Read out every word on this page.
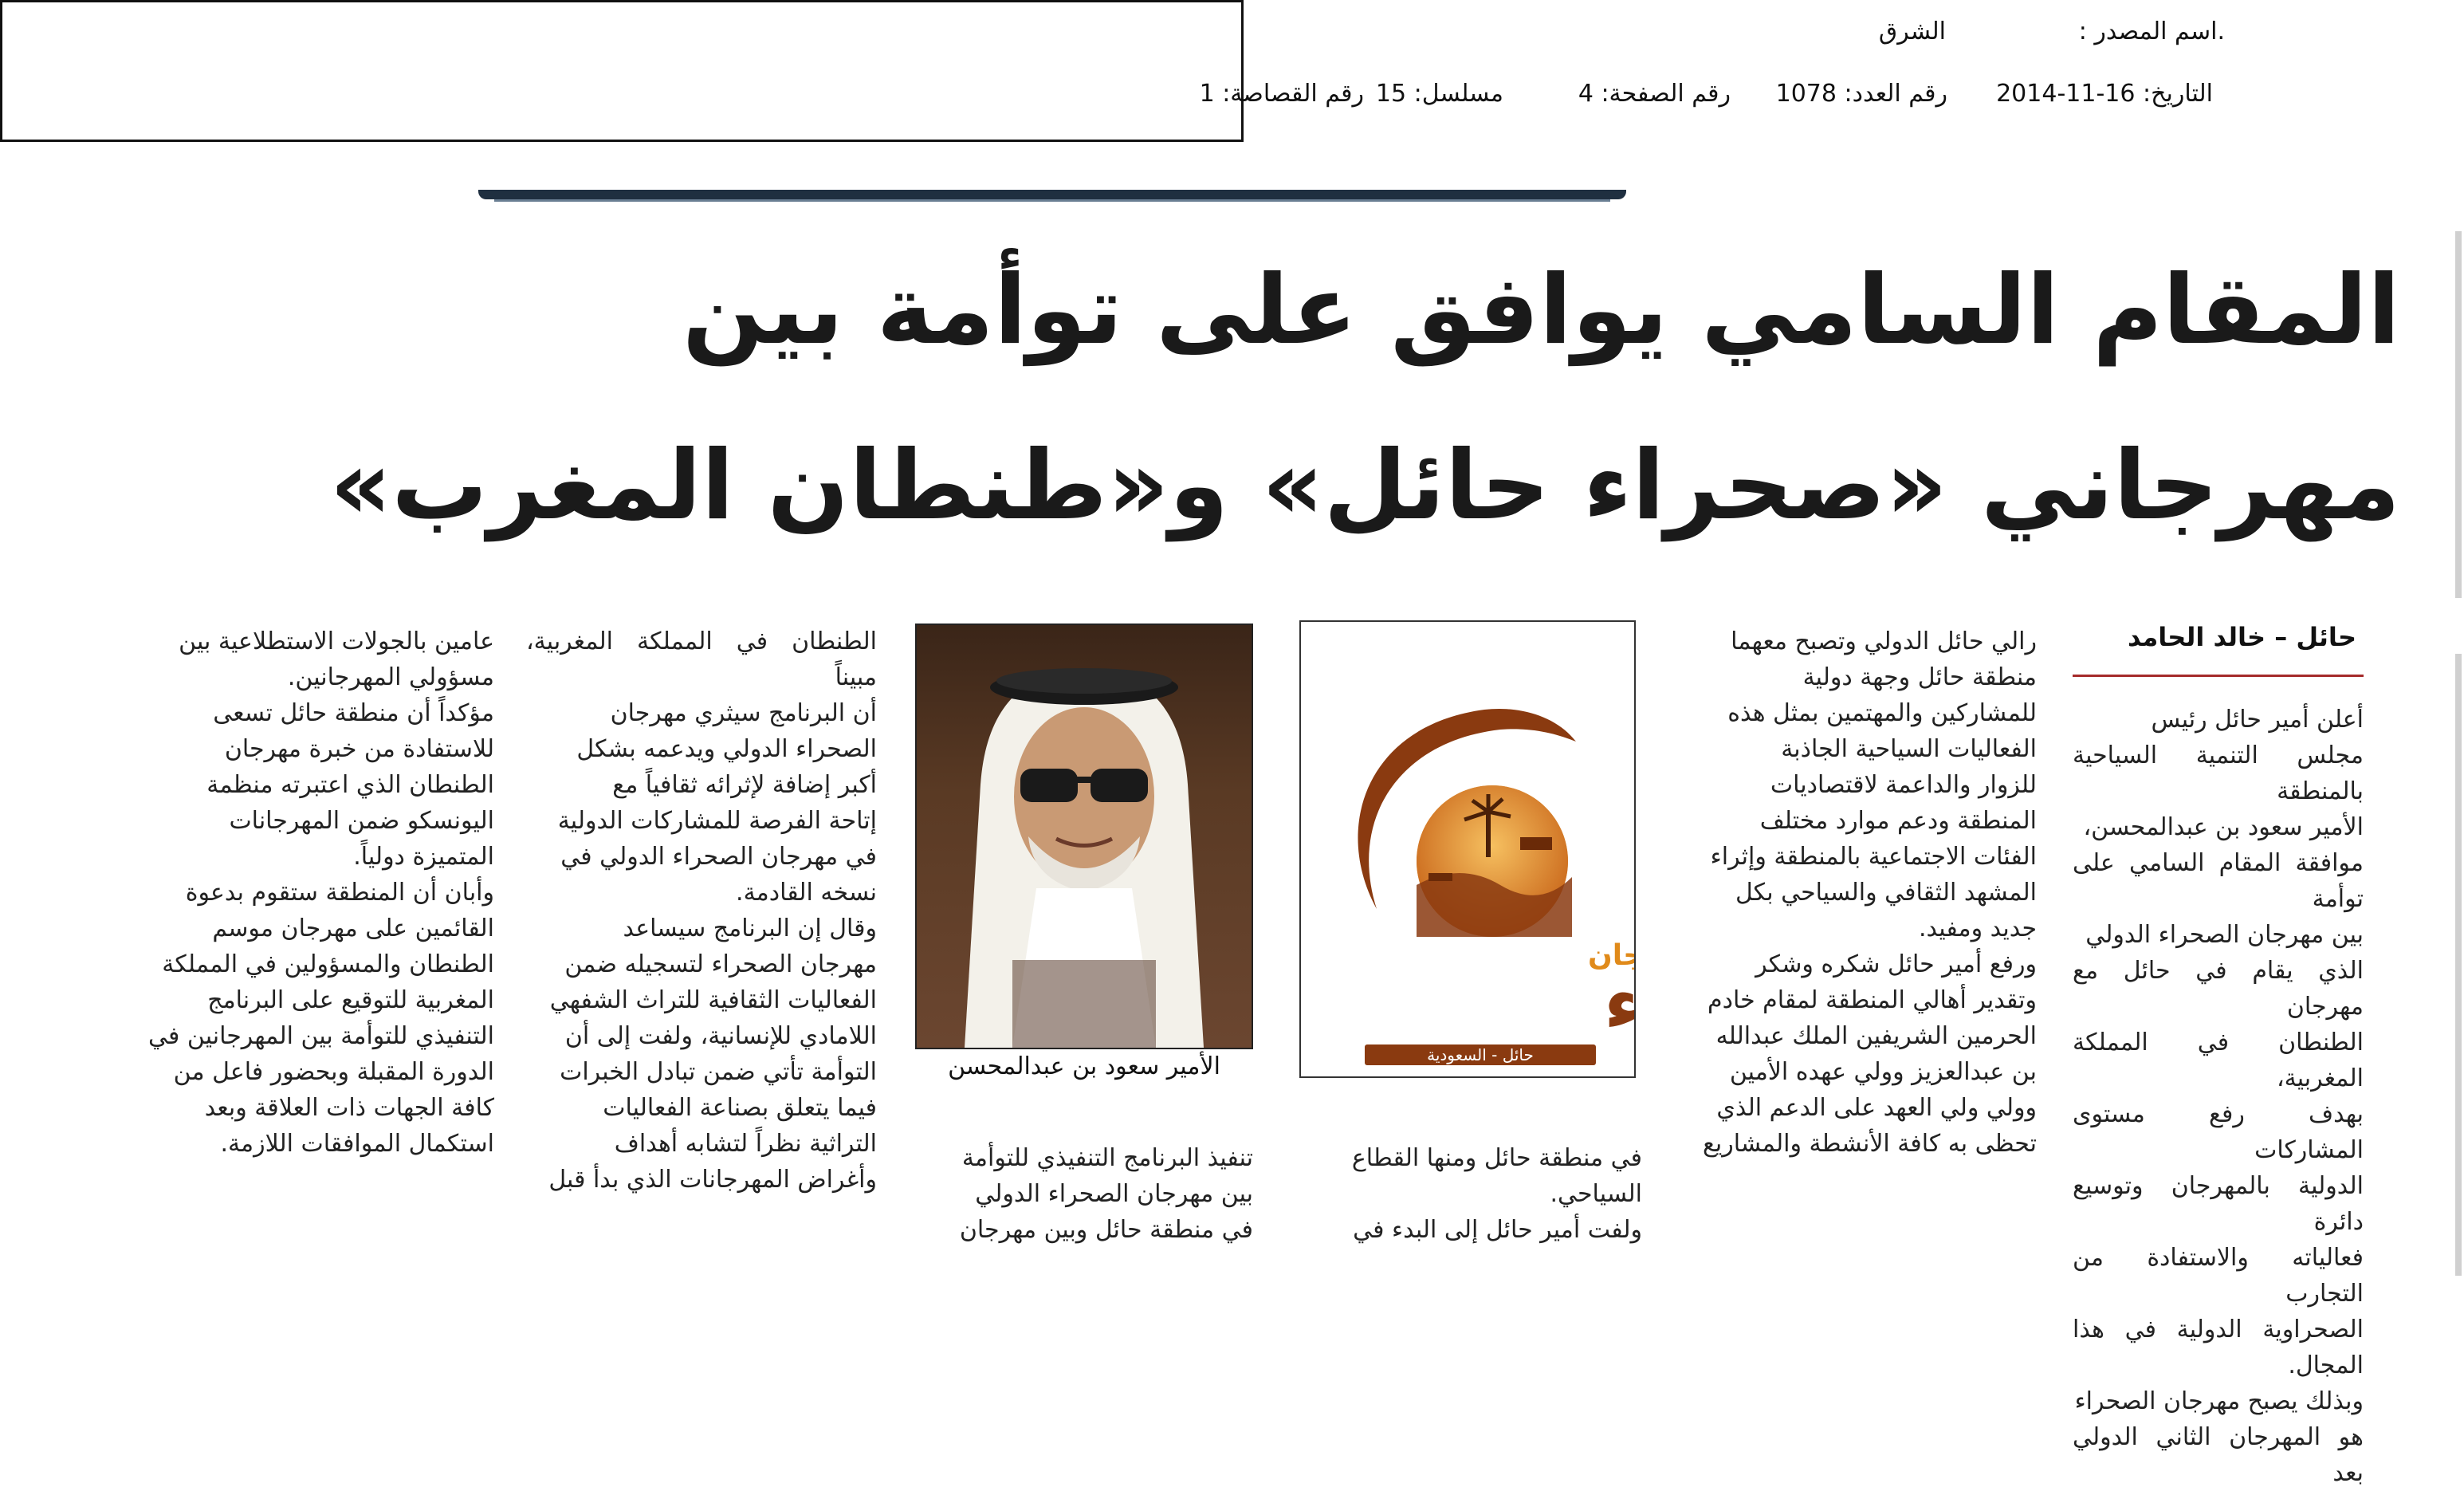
.اسم المصدر :
الشرق
التاريخ: 16-11-2014
رقم العدد: 1078
رقم الصفحة: 4
مسلسل: 15
رقم القصاصة: 1
المقام السامي يوافق على توأمة بين
مهرجاني «صحراء حائل» و«طنطان المغرب»
حائل – خالد الحامد

أعلن أمير حائل رئيس
مجلس التنمية السياحية بالمنطقة
الأمير سعود بن عبدالمحسن،
موافقة المقام السامي على توأمة
بين مهرجان الصحراء الدولي
الذي يقام في حائل مع مهرجان
الطنطان في المملكة المغربية،
بهدف رفع مستوى المشاركات
الدولية بالمهرجان وتوسيع دائرة
فعالياته والاستفادة من التجارب
الصحراوية الدولية في هذا المجال.
وبذلك يصبح مهرجان الصحراء
هو المهرجان الثاني الدولي بعد

رالي حائل الدولي وتصبح معهما
منطقة حائل وجهة دولية
للمشاركين والمهتمين بمثل هذه
الفعاليات السياحية الجاذبة
للزوار والداعمة لاقتصاديات
المنطقة ودعم موارد مختلف
الفئات الاجتماعية بالمنطقة وإثراء
المشهد الثقافي والسياحي بكل
جديد ومفيد.
ورفع أمير حائل شكره وشكر
وتقدير أهالي المنطقة لمقام خادم
الحرمين الشريفين الملك عبدالله
بن عبدالعزيز وولي عهده الأمين
وولي ولي العهد على الدعم الذي
تحظى به كافة الأنشطة والمشاريع

في منطقة حائل ومنها القطاع
السياحي.
ولفت أمير حائل إلى البدء في

جان
ء
حائل - السعودية
الأمير سعود بن عبدالمحسن

تنفيذ البرنامج التنفيذي للتوأمة
بين مهرجان الصحراء الدولي
في منطقة حائل وبين مهرجان

الطنطان في المملكة المغربية، مبيناً
أن البرنامج سيثري مهرجان
الصحراء الدولي ويدعمه بشكل
أكبر إضافة لإثرائه ثقافياً مع
إتاحة الفرصة للمشاركات الدولية
في مهرجان الصحراء الدولي في
نسخه القادمة.
وقال إن البرنامج سيساعد
مهرجان الصحراء لتسجيله ضمن
الفعاليات الثقافية للتراث الشفهي
اللامادي للإنسانية، ولفت إلى أن
التوأمة تأتي ضمن تبادل الخبرات
فيما يتعلق بصناعة الفعاليات
التراثية نظراً لتشابه أهداف
وأغراض المهرجانات الذي بدأ قبل

عامين بالجولات الاستطلاعية بين
مسؤولي المهرجانين.
مؤكداً أن منطقة حائل تسعى
للاستفادة من خبرة مهرجان
الطنطان الذي اعتبرته منظمة
اليونسكو ضمن المهرجانات
المتميزة دولياً.
وأبان أن المنطقة ستقوم بدعوة
القائمين على مهرجان موسم
الطنطان والمسؤولين في المملكة
المغربية للتوقيع على البرنامج
التنفيذي للتوأمة بين المهرجانين في
الدورة المقبلة وبحضور فاعل من
كافة الجهات ذات العلاقة وبعد
استكمال الموافقات اللازمة.
